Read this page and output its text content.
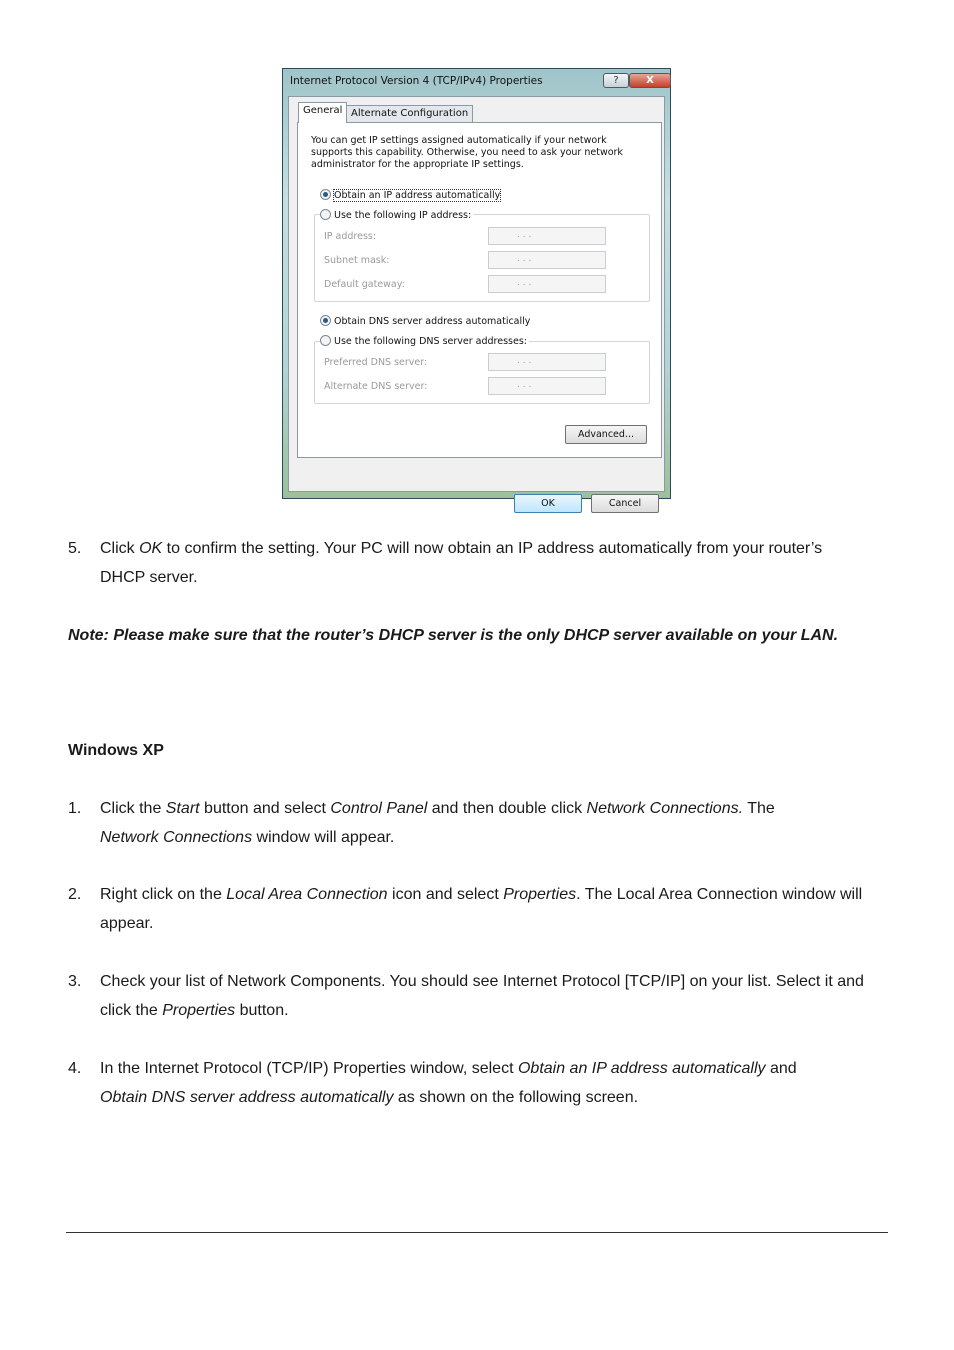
Internet Protocol Version 4 (TCP/IPv4) Properties	?	X
General Alternate Configuration
You can get IP settings assigned automatically if your network supports this capability. Otherwise, you need to ask your network administrator for the appropriate IP settings.
Obtain an IP address automatically
Use the following IP address:
IP address:	. . .
Subnet mask:	. . .
Default gateway:	. . .
Obtain DNS server address automatically
Use the following DNS server addresses:
Preferred DNS server:	. . .
Alternate DNS server:	. . .
Advanced...
OK	Cancel
5. Click OK to confirm the setting. Your PC will now obtain an IP address automatically from your router’s DHCP server.
Note: Please make sure that the router’s DHCP server is the only DHCP server available on your LAN.
Windows XP
1. Click the Start button and select Control Panel and then double click Network Connections. The
Network Connections window will appear.
2. Right click on the Local Area Connection icon and select Properties. The Local Area Connection window will appear.
3. Check your list of Network Components. You should see Internet Protocol [TCP/IP] on your list. Select it and click the Properties button.
4. In the Internet Protocol (TCP/IP) Properties window, select Obtain an IP address automatically and
Obtain DNS server address automatically as shown on the following screen.
